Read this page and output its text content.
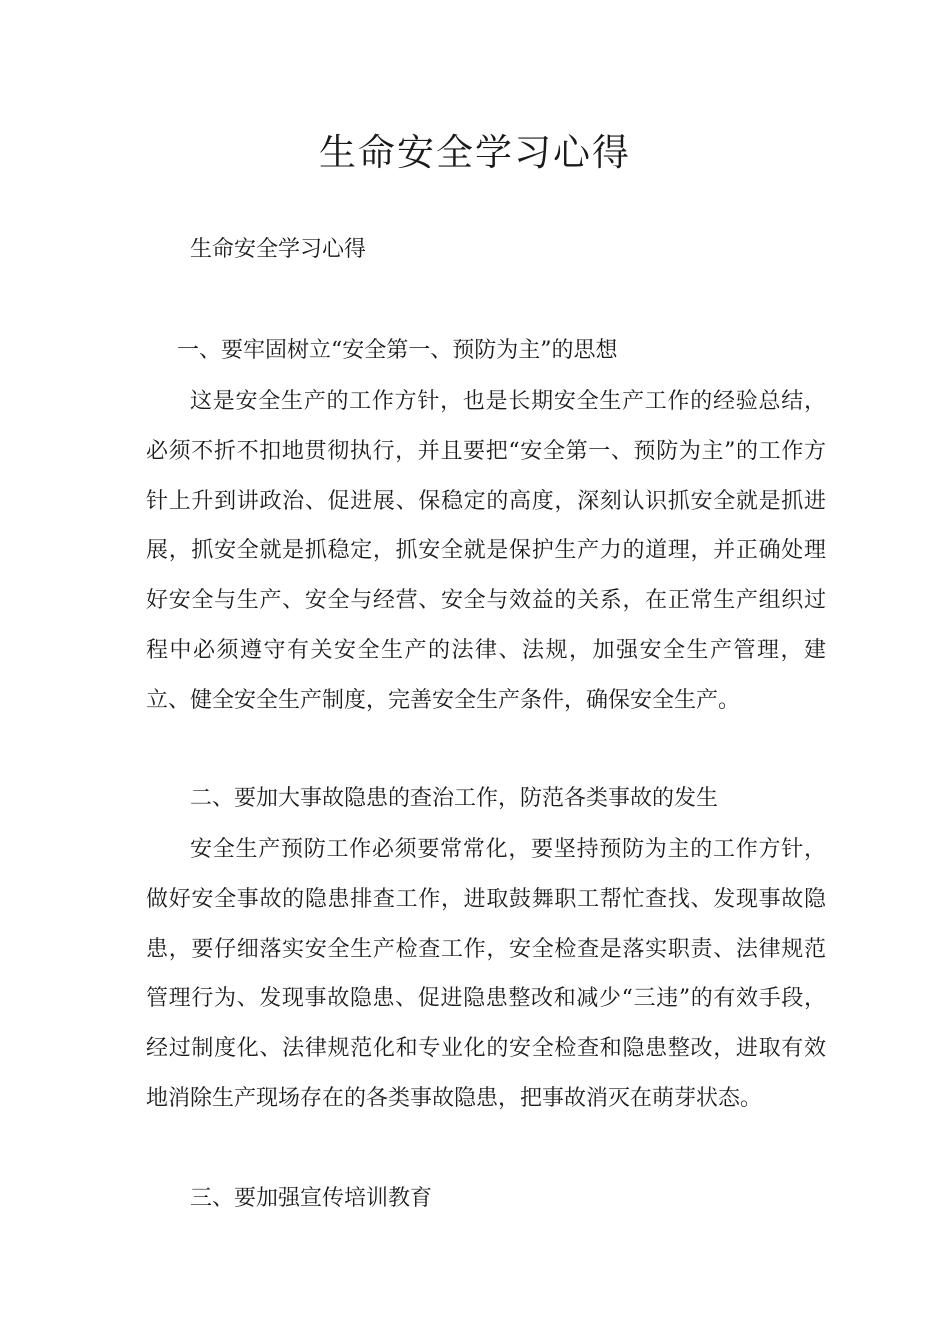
生命安全学习心得

生命安全学习心得

一、要牢固树立“安全第一、预防为主”的思想

这是安全生产的工作方针，也是长期安全生产工作的经验总结，必须不折不扣地贯彻执行，并且要把“安全第一、预防为主”的工作方针上升到讲政治、促进展、保稳定的高度，深刻认识抓安全就是抓进展，抓安全就是抓稳定，抓安全就是保护生产力的道理，并正确处理好安全与生产、安全与经营、安全与效益的关系，在正常生产组织过程中必须遵守有关安全生产的法律、法规，加强安全生产管理，建立、健全安全生产制度，完善安全生产条件，确保安全生产。

二、要加大事故隐患的查治工作，防范各类事故的发生

安全生产预防工作必须要常常化，要坚持预防为主的工作方针，做好安全事故的隐患排查工作，进取鼓舞职工帮忙查找、发现事故隐患，要仔细落实安全生产检查工作，安全检查是落实职责、法律规范管理行为、发现事故隐患、促进隐患整改和减少“三违”的有效手段，经过制度化、法律规范化和专业化的安全检查和隐患整改，进取有效地消除生产现场存在的各类事故隐患，把事故消灭在萌芽状态。

三、要加强宣传培训教育
